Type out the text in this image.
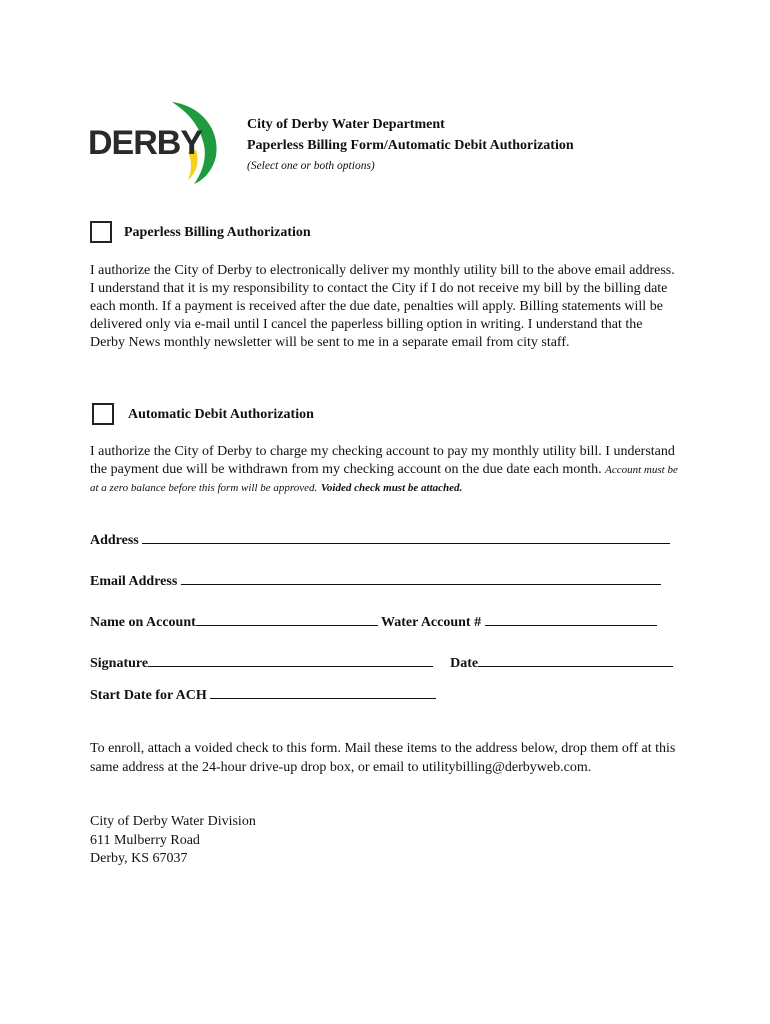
DERBY	City of Derby Water Department
Paperless Billing Form/Automatic Debit Authorization
(Select one or both options)
Paperless Billing Authorization
I authorize the City of Derby to electronically deliver my monthly utility bill to the above email address. I understand that it is my responsibility to contact the City if I do not receive my bill by the billing date each month. If a payment is received after the due date, penalties will apply. Billing statements will be delivered only via e-mail until I cancel the paperless billing option in writing. I understand that the Derby News monthly newsletter will be sent to me in a separate email from city staff.
Automatic Debit Authorization
I authorize the City of Derby to charge my checking account to pay my monthly utility bill. I understand the payment due will be withdrawn from my checking account on the due date each month. Account must be at a zero balance before this form will be approved. Voided check must be attached.
Address
Email Address
Name on Account	Water Account #
Signature	Date
Start Date for ACH
To enroll, attach a voided check to this form. Mail these items to the address below, drop them off at this same address at the 24-hour drive-up drop box, or email to utilitybilling@derbyweb.com.
City of Derby Water Division
611 Mulberry Road
Derby, KS 67037
